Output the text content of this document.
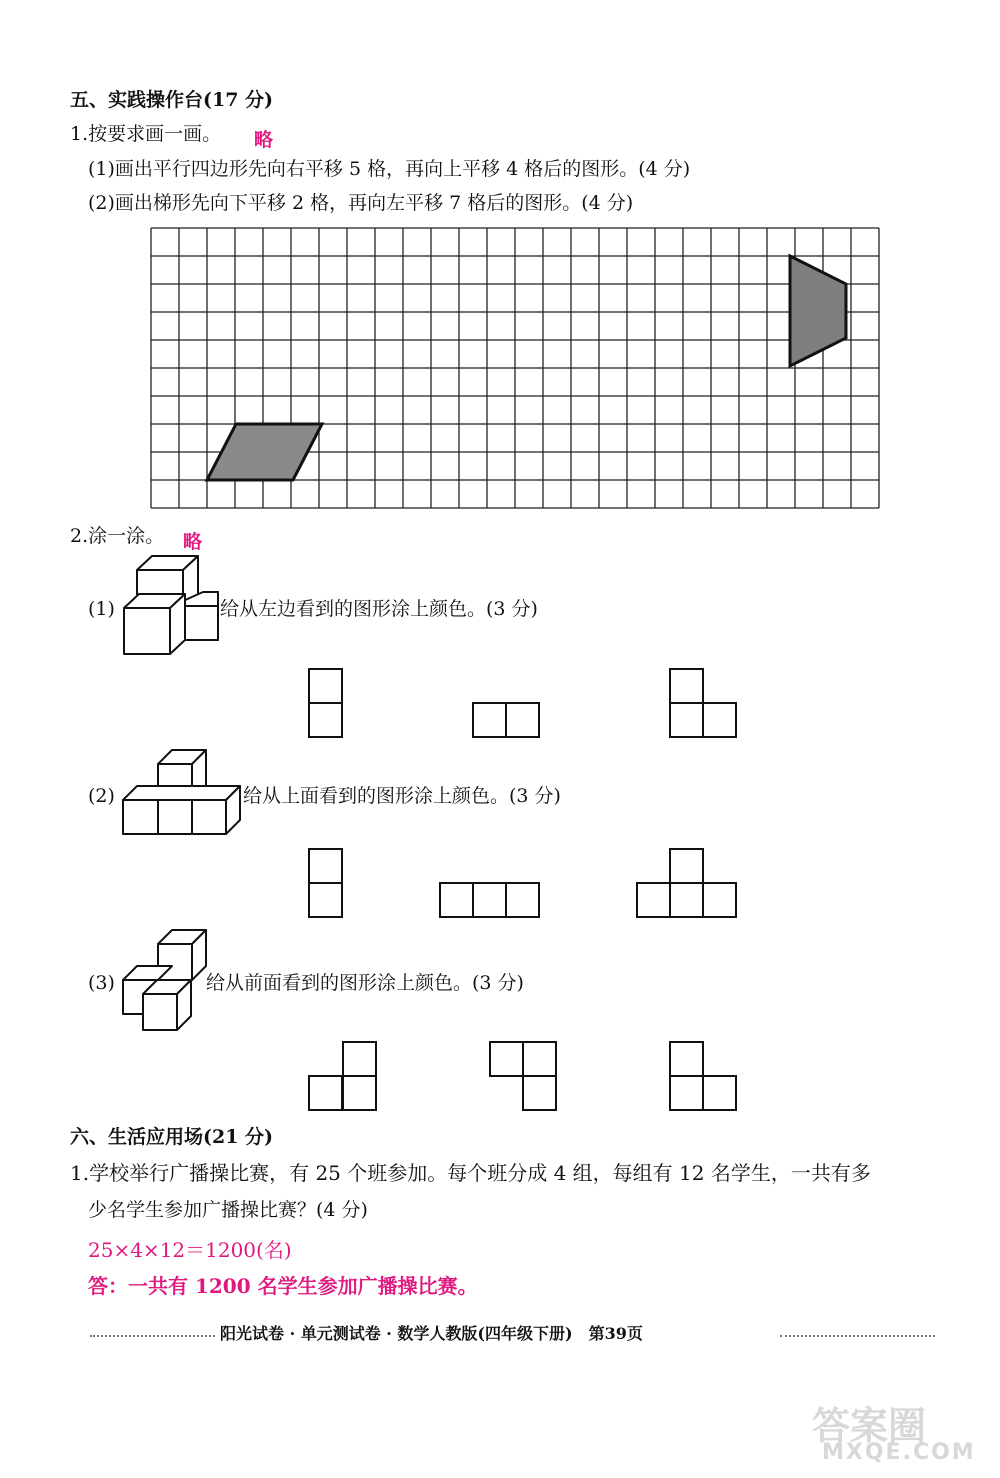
五、实践操作台(17 分)
1.按要求画一画。 略
(1)画出平行四边形先向右平移 5 格，再向上平移 4 格后的图形。(4 分)
(2)画出梯形先向下平移 2 格，再向左平移 7 格后的图形。(4 分)
2.涂一涂。 略
(1)	给从左边看到的图形涂上颜色。(3 分)
(2)	给从上面看到的图形涂上颜色。(3 分)
(3)	给从前面看到的图形涂上颜色。(3 分)
六、生活应用场(21 分)
1.学校举行广播操比赛，有 25 个班参加。每个班分成 4 组，每组有 12 名学生，一共有多
少名学生参加广播操比赛？(4 分)
25×4×12＝1200(名)
答：一共有 1200 名学生参加广播操比赛。
阳光试卷 · 单元测试卷 · 数学人教版(四年级下册)　第39页
答案圈
MXQE.COM
